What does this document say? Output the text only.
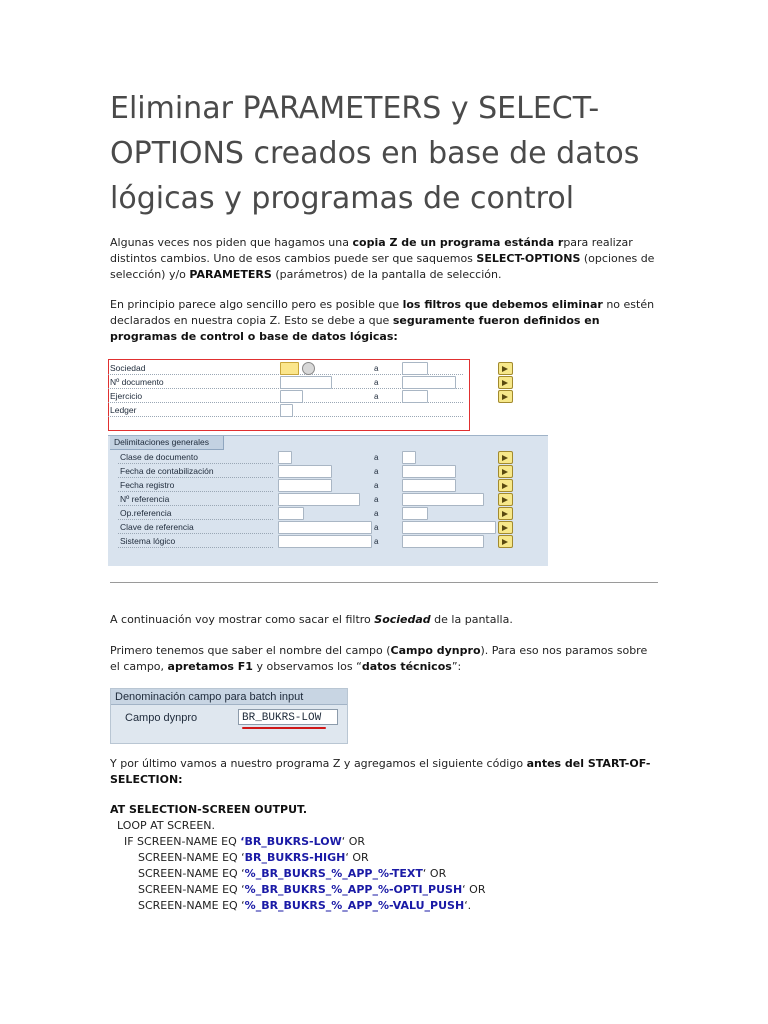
Eliminar PARAMETERS y SELECT-OPTIONS creados en base de datos lógicas y programas de control
Algunas veces nos piden que hagamos una copia Z de un programa estánda rpara realizar distintos cambios. Uno de esos cambios puede ser que saquemos SELECT-OPTIONS (opciones de selección) y/o PARAMETERS (parámetros) de la pantalla de selección.
En principio parece algo sencillo pero es posible que los filtros que debemos eliminar no estén declarados en nuestra copia Z. Esto se debe a que seguramente fueron definidos en programas de control o base de datos lógicas:
Sociedad	a
Nº documento	a
Ejercicio	a
Ledger
Delimitaciones generales
Clase de documento	a
Fecha de contabilización	a
Fecha registro	a
Nº referencia	a
Op.referencia	a
Clave de referencia	a
Sistema lógico	a
A continuación voy mostrar como sacar el filtro Sociedad de la pantalla.
Primero tenemos que saber el nombre del campo (Campo dynpro). Para eso nos paramos sobre el campo, apretamos F1 y observamos los “datos técnicos”:
Denominación campo para batch input
Campo dynpro	BR_BUKRS-LOW
Y por último vamos a nuestro programa Z y agregamos el siguiente código antes del START-OF-SELECTION:
AT SELECTION-SCREEN OUTPUT.
LOOP AT SCREEN.
IF SCREEN-NAME EQ ‘BR_BUKRS-LOW‘ OR
SCREEN-NAME EQ ‘BR_BUKRS-HIGH‘ OR
SCREEN-NAME EQ ‘%_BR_BUKRS_%_APP_%-TEXT‘ OR
SCREEN-NAME EQ ‘%_BR_BUKRS_%_APP_%-OPTI_PUSH‘ OR
SCREEN-NAME EQ ‘%_BR_BUKRS_%_APP_%-VALU_PUSH‘.
